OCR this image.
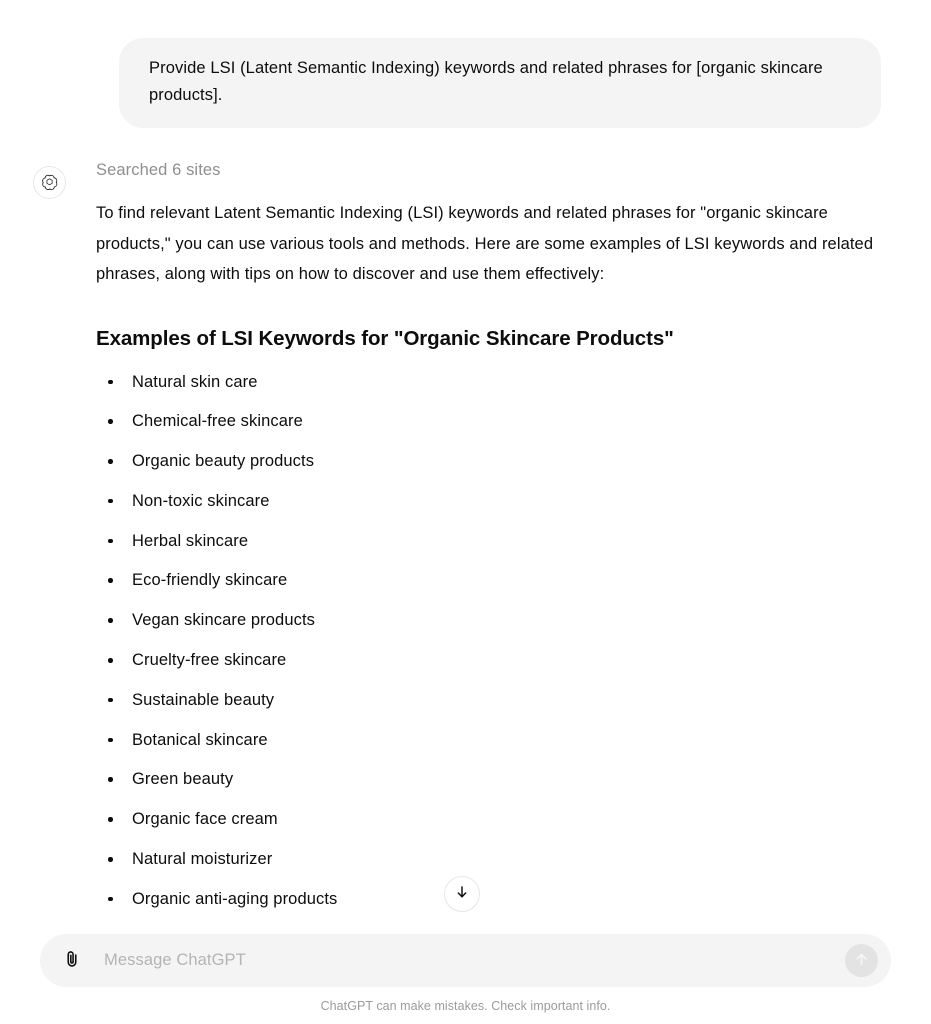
Provide LSI (Latent Semantic Indexing) keywords and related phrases for [organic skincare products].
Searched 6 sites

To find relevant Latent Semantic Indexing (LSI) keywords and related phrases for "organic skincare products," you can use various tools and methods. Here are some examples of LSI keywords and related phrases, along with tips on how to discover and use them effectively:

Examples of LSI Keywords for "Organic Skincare Products"
Natural skin care
Chemical-free skincare
Organic beauty products
Non-toxic skincare
Herbal skincare
Eco-friendly skincare
Vegan skincare products
Cruelty-free skincare
Sustainable beauty
Botanical skincare
Green beauty
Organic face cream
Natural moisturizer
Organic anti-aging products
Message ChatGPT
ChatGPT can make mistakes. Check important info.
